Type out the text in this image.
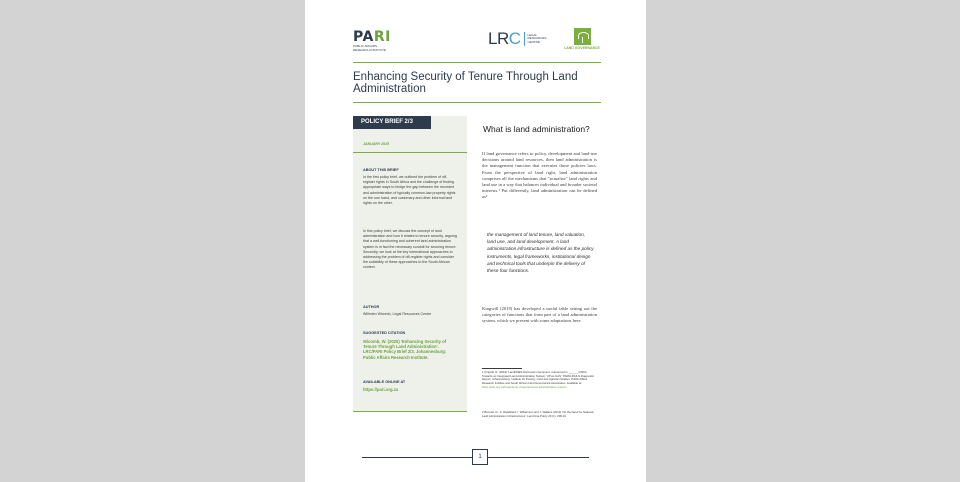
PARI
PUBLIC AFFAIRS RESEARCH INSTITUTE
LRC LEGAL RESOURCES CENTRE
LAND GOVERNANCE
Enhancing Security of Tenure Through Land Administration
POLICY BRIEF 2/3
JANUARY 2025
ABOUT THIS BRIEF
In the first policy brief, we outlined the problem of off-register rights in South Africa and the challenge of finding appropriate ways to bridge the gap between the recorded and administration of typically common-law property rights on the one hand, and customary and other informal land rights on the other.
In this policy brief, we discuss the concept of land administration and how it relates to tenure security, arguing that a well-functioning and coherent land administration system is in fact the necessary conduit for securing tenure. Secondly, we look at the key international approaches to addressing the problem of off-register rights and consider the suitability of these approaches to the South African context.
AUTHOR
Willmien Wicomb, Legal Resources Centre
SUGGESTED CITATION
Wicomb, W. (2025) 'Enhancing Security of Tenure Through Land Administration'. LRC/PARI Policy Brief 2/3. Johannesburg: Public Affairs Research Institute.
AVAILABLE ONLINE AT
https://pari.org.za
What is land administration?
If land governance refers to policy, development and land-use decisions around land resources, then land administration is the management function that executes those policies laws. From the perspective of land right, land administration comprises all the mechanisms that "actualise" land rights and land use in a way that balances individual and broader societal interests.¹ Put differently, land administration can be defined as²
the management of land tenure, land valuation, land use, and land development. A land administration infrastructure is defined as the policy instruments, legal frameworks, institutional design and technical tools that underpin the delivery of these four functions.
Kingwill (2019) has developed a useful table setting out the categories of functions that form part of a land administration system, which we present with some adaptations here.
1 Kingwill, R. (2019) 'LandNNES Discussion document, referenced in ______ (2023) Towards an Integrated Land Administration System: 'ATLA-ILAS'. PARI/LRC/LG Diagnostic Report. Johannesburg: Institute for Poverty, Land and Agrarian Studies, Public Affairs Research Institute and South African Land Governance Association. Available at https://pari.org.za/towards-an-integrated-land-administration-system/
2 Bennett, R., A. Rajabifard, I. Williamson and J. Wallace (2012) 'On the Need for National Land Administration Infrastructures', Land Use Policy 29 (1): 208-19.
1
